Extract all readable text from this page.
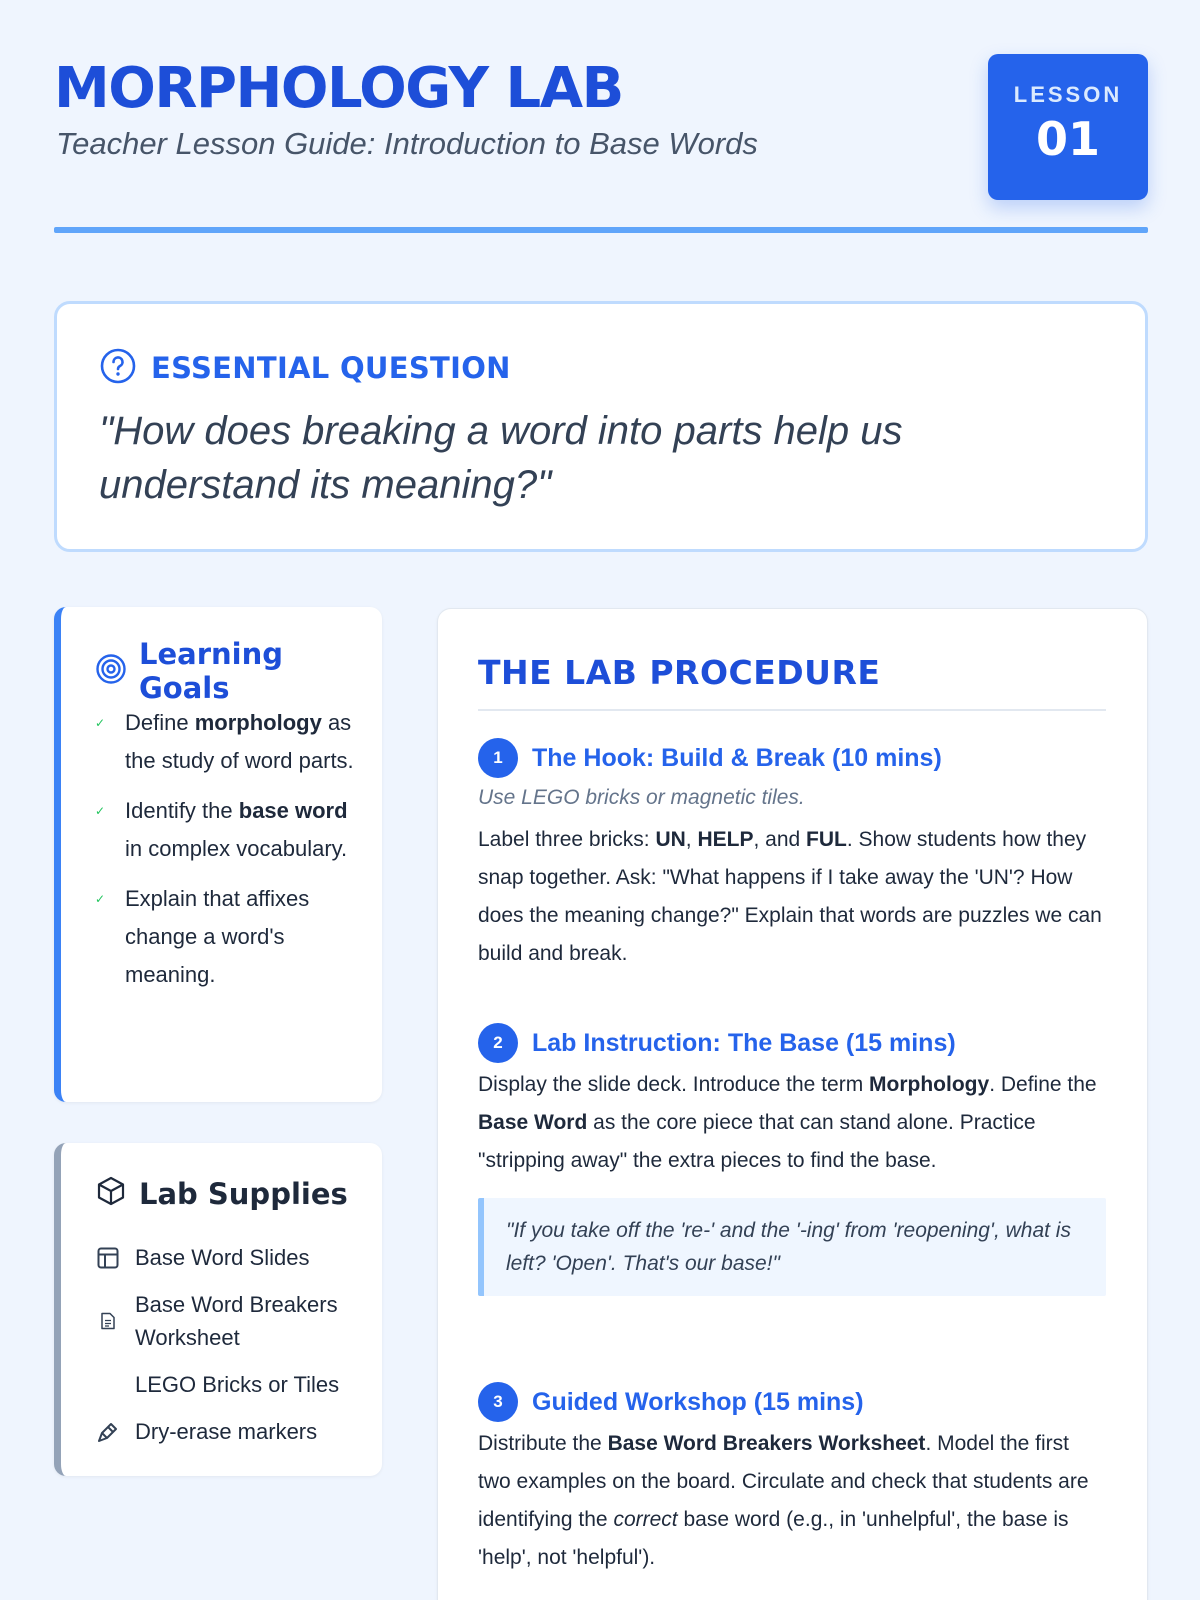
MORPHOLOGY LAB
Teacher Lesson Guide: Introduction to Base Words
LESSON
01
ESSENTIAL QUESTION
"How does breaking a word into parts help us understand its meaning?"
Learning Goals
✓ Define morphology as the study of word parts.
✓ Identify the base word in complex vocabulary.
✓ Explain that affixes change a word's meaning.
Lab Supplies
Base Word Slides
Base Word Breakers Worksheet
LEGO Bricks or Tiles
Dry-erase markers
THE LAB PROCEDURE
1	The Hook: Build & Break (10 mins)
Use LEGO bricks or magnetic tiles.
Label three bricks: UN, HELP, and FUL. Show students how they snap together. Ask: "What happens if I take away the 'UN'? How does the meaning change?" Explain that words are puzzles we can build and break.
2	Lab Instruction: The Base (15 mins)
Display the slide deck. Introduce the term Morphology. Define the Base Word as the core piece that can stand alone. Practice "stripping away" the extra pieces to find the base.
"If you take off the 're-' and the '-ing' from 'reopening', what is left? 'Open'. That's our base!"
3	Guided Workshop (15 mins)
Distribute the Base Word Breakers Worksheet. Model the first two examples on the board. Circulate and check that students are identifying the correct base word (e.g., in 'unhelpful', the base is 'help', not 'helpful').
